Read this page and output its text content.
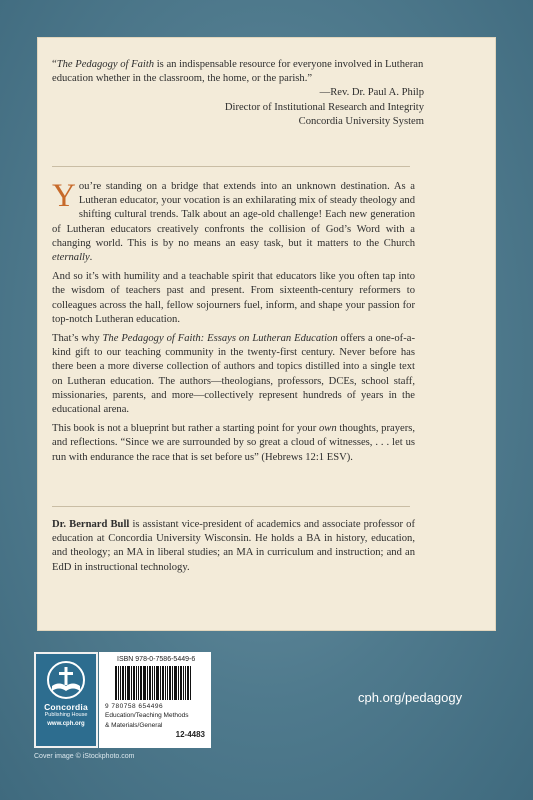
“The Pedagogy of Faith is an indispensable resource for everyone involved in Lutheran education whether in the classroom, the home, or the parish.”
—Rev. Dr. Paul A. Philp
Director of Institutional Research and Integrity
Concordia University System

You’re standing on a bridge that extends into an unknown destination. As a Lutheran educator, your vocation is an exhilarating mix of steady theology and shifting cultural trends. Talk about an age-old challenge! Each new generation of Lutheran educators creatively confronts the collision of God’s Word with a changing world. This is by no means an easy task, but it matters to the Church eternally.

And so it’s with humility and a teachable spirit that educators like you often tap into the wisdom of teachers past and present. From sixteenth-century reformers to colleagues across the hall, fellow sojourners fuel, inform, and shape your passion for top-notch Lutheran education.

That’s why The Pedagogy of Faith: Essays on Lutheran Education offers a one-of-a-kind gift to our teaching community in the twenty-first century. Never before has there been a more diverse collection of authors and topics distilled into a single text on Lutheran education. The authors—theologians, professors, DCEs, school staff, missionaries, parents, and more—collectively represent hundreds of years in the educational arena.

This book is not a blueprint but rather a starting point for your own thoughts, prayers, and reflections. “Since we are surrounded by so great a cloud of witnesses, . . . let us run with endurance the race that is set before us” (Hebrews 12:1 ESV).

Dr. Bernard Bull is assistant vice-president of academics and associate professor of education at Concordia University Wisconsin. He holds a BA in history, education, and theology; an MA in liberal studies; an MA in curriculum and instruction; and an EdD in instructional technology.
Concordia
Publishing House
www.cph.org
ISBN 978-0-7586-5449-6
9 780758 654496
Education/Teaching Methods
& Materials/General
12-4483
cph.org/pedagogy
Cover image © iStockphoto.com
